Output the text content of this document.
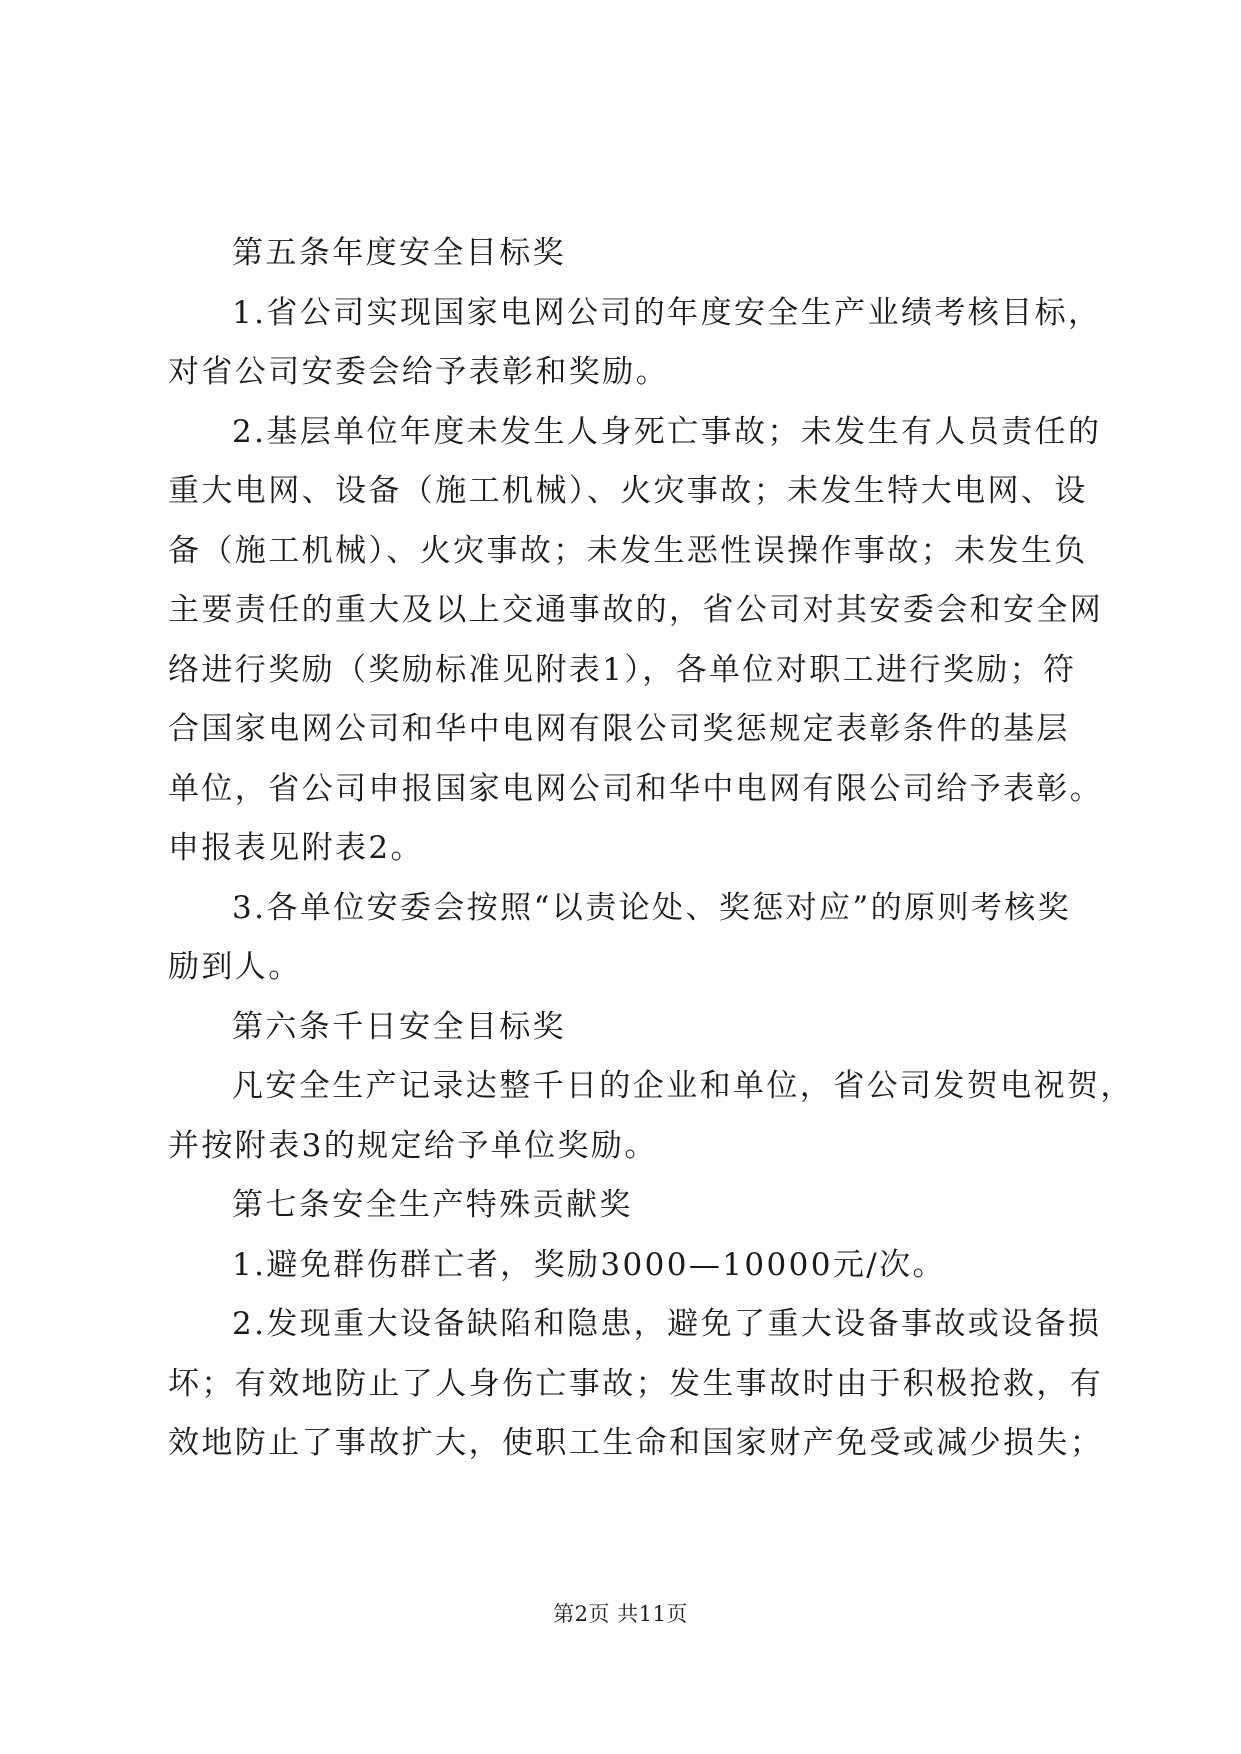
第五条年度安全目标奖
1.省公司实现国家电网公司的年度安全生产业绩考核目标，
对省公司安委会给予表彰和奖励。
2.基层单位年度未发生人身死亡事故；未发生有人员责任的
重大电网、设备（施工机械）、火灾事故；未发生特大电网、设
备（施工机械）、火灾事故；未发生恶性误操作事故；未发生负
主要责任的重大及以上交通事故的，省公司对其安委会和安全网
络进行奖励（奖励标准见附表1），各单位对职工进行奖励；符
合国家电网公司和华中电网有限公司奖惩规定表彰条件的基层
单位，省公司申报国家电网公司和华中电网有限公司给予表彰。
申报表见附表2。
3.各单位安委会按照“以责论处、奖惩对应”的原则考核奖
励到人。
第六条千日安全目标奖
凡安全生产记录达整千日的企业和单位，省公司发贺电祝贺，
并按附表3的规定给予单位奖励。
第七条安全生产特殊贡献奖
1.避免群伤群亡者，奖励3000—10000元/次。
2.发现重大设备缺陷和隐患，避免了重大设备事故或设备损
坏；有效地防止了人身伤亡事故；发生事故时由于积极抢救，有
效地防止了事故扩大，使职工生命和国家财产免受或减少损失；
第2页 共11页
